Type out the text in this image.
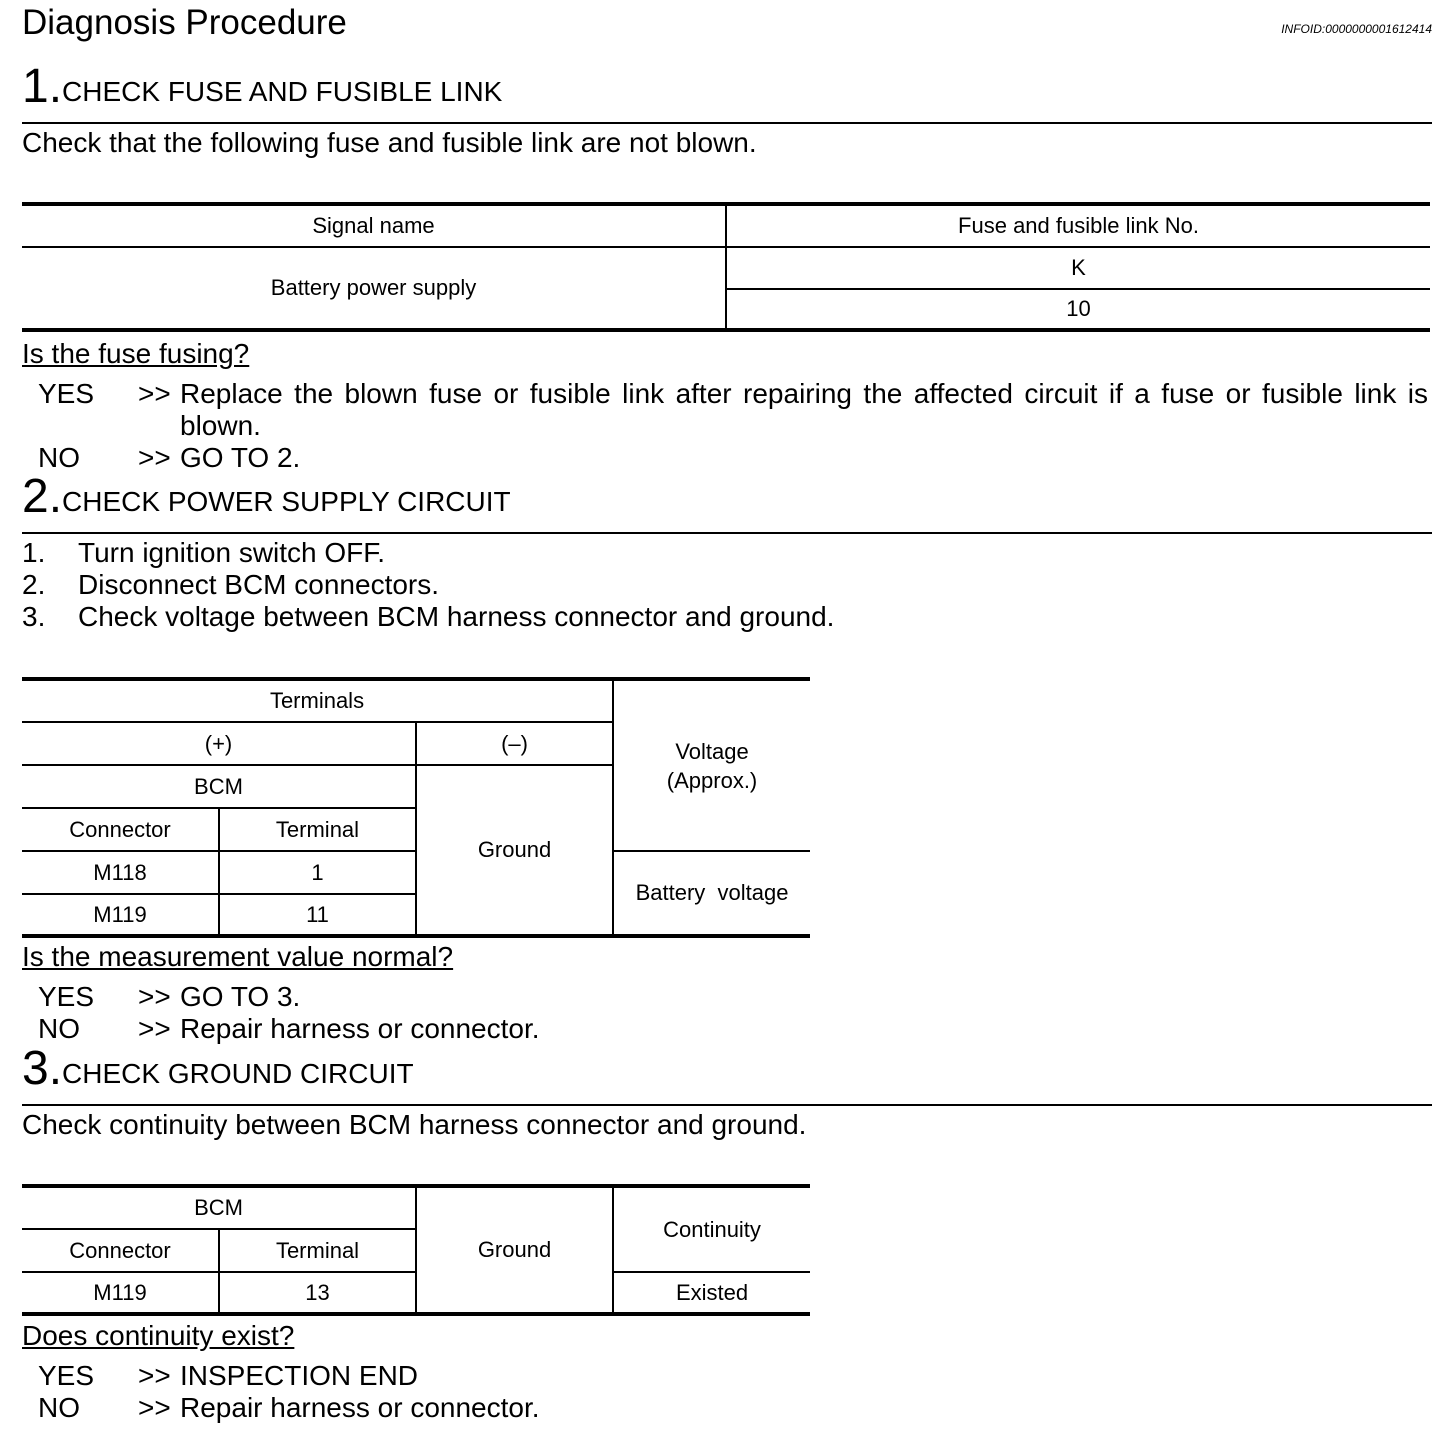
Diagnosis Procedure	INFOID:0000000001612414
1.CHECK FUSE AND FUSIBLE LINK
Check that the following fuse and fusible link are not blown.
Signal name	Fuse and fusible link No.
Battery power supply	K
	10
Is the fuse fusing?
YES >> Replace the blown fuse or fusible link after repairing the affected circuit if a fuse or fusible link is blown.
NO >> GO TO 2.
2.CHECK POWER SUPPLY CIRCUIT
1. Turn ignition switch OFF.
2. Disconnect BCM connectors.
3. Check voltage between BCM harness connector and ground.
Terminals			Voltage
(Approx.)
(+)		(–)	
BCM		Ground	
Connector	Terminal		
M118	1		Battery  voltage
M119	11		
Is the measurement value normal?
YES >> GO TO 3.
NO >> Repair harness or connector.
3.CHECK GROUND CIRCUIT
Check continuity between BCM harness connector and ground.
BCM		Ground	Continuity
Connector	Terminal		
M119	13		Existed
Does continuity exist?
YES >> INSPECTION END
NO >> Repair harness or connector.
